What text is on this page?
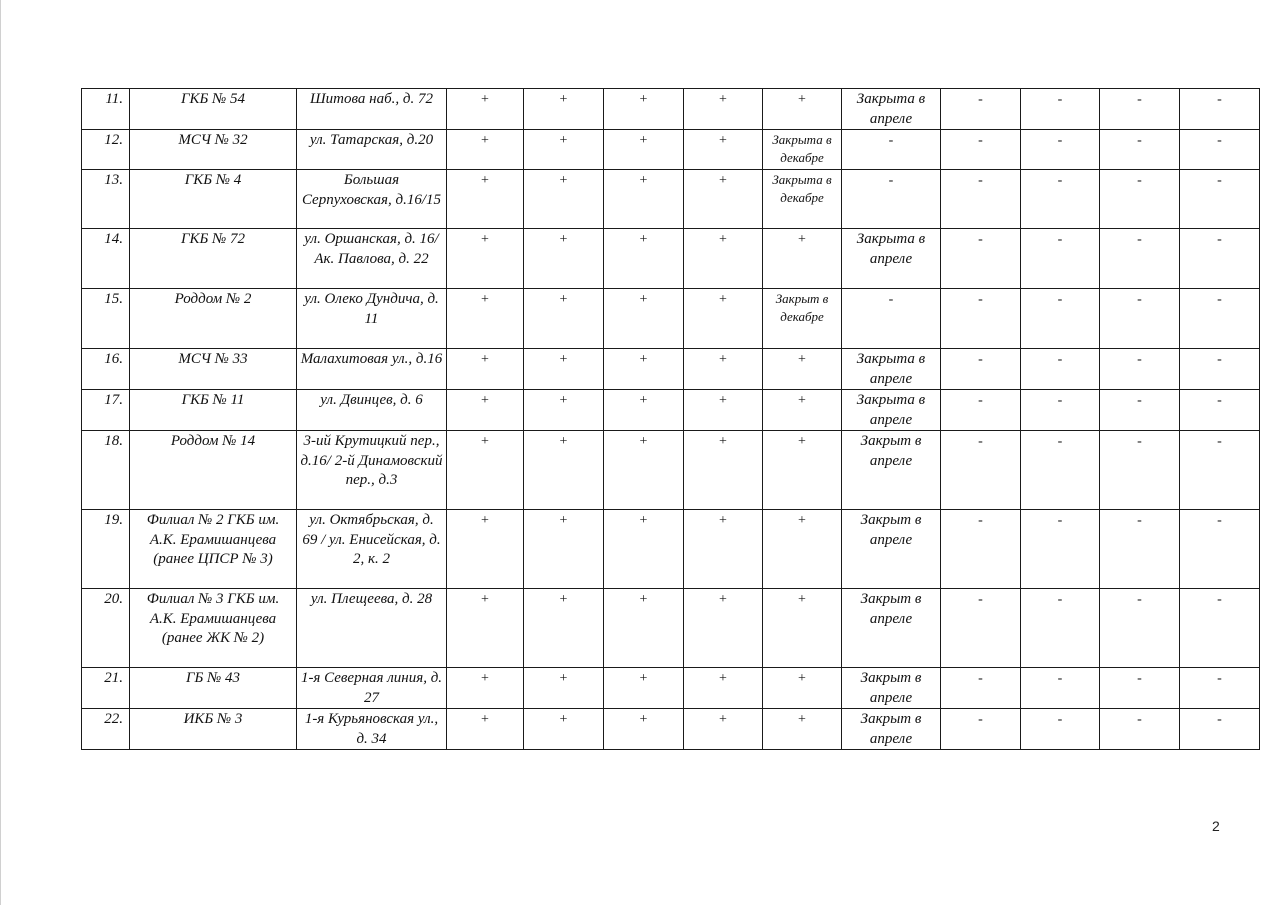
11.	ГКБ № 54	Шитова наб., д. 72	+	+	+	+	+	Закрыта в апреле	-	-	-	-
12.	МСЧ № 32	ул. Татарская, д.20	+	+	+	+	Закрыта в декабре	-	-	-	-	-
13.	ГКБ № 4	Большая Серпуховская, д.16/15	+	+	+	+	Закрыта в декабре	-	-	-	-	-
14.	ГКБ № 72	ул. Оршанская, д. 16/Ак. Павлова, д. 22	+	+	+	+	+	Закрыта в апреле	-	-	-	-
15.	Роддом № 2	ул. Олеко Дундича, д. 11	+	+	+	+	Закрыт в декабре	-	-	-	-	-
16.	МСЧ № 33	Малахитовая ул., д.16	+	+	+	+	+	Закрыта в апреле	-	-	-	-
17.	ГКБ № 11	ул. Двинцев, д. 6	+	+	+	+	+	Закрыта в апреле	-	-	-	-
18.	Роддом № 14	3-ий Крутицкий пер., д.16/ 2-й Динамовский пер., д.3	+	+	+	+	+	Закрыт в апреле	-	-	-	-
19.	Филиал № 2 ГКБ им. А.К. Ерамишанцева (ранее ЦПСР № 3)	ул. Октябрьская, д. 69 / ул. Енисейская, д. 2, к. 2	+	+	+	+	+	Закрыт в апреле	-	-	-	-
20.	Филиал № 3 ГКБ им. А.К. Ерамишанцева (ранее ЖК № 2)	ул. Плещеева, д. 28	+	+	+	+	+	Закрыт в апреле	-	-	-	-
21.	ГБ № 43	1-я Северная линия, д. 27	+	+	+	+	+	Закрыт в апреле	-	-	-	-
22.	ИКБ № 3	1-я Курьяновская ул., д. 34	+	+	+	+	+	Закрыт в апреле	-	-	-	-
2
